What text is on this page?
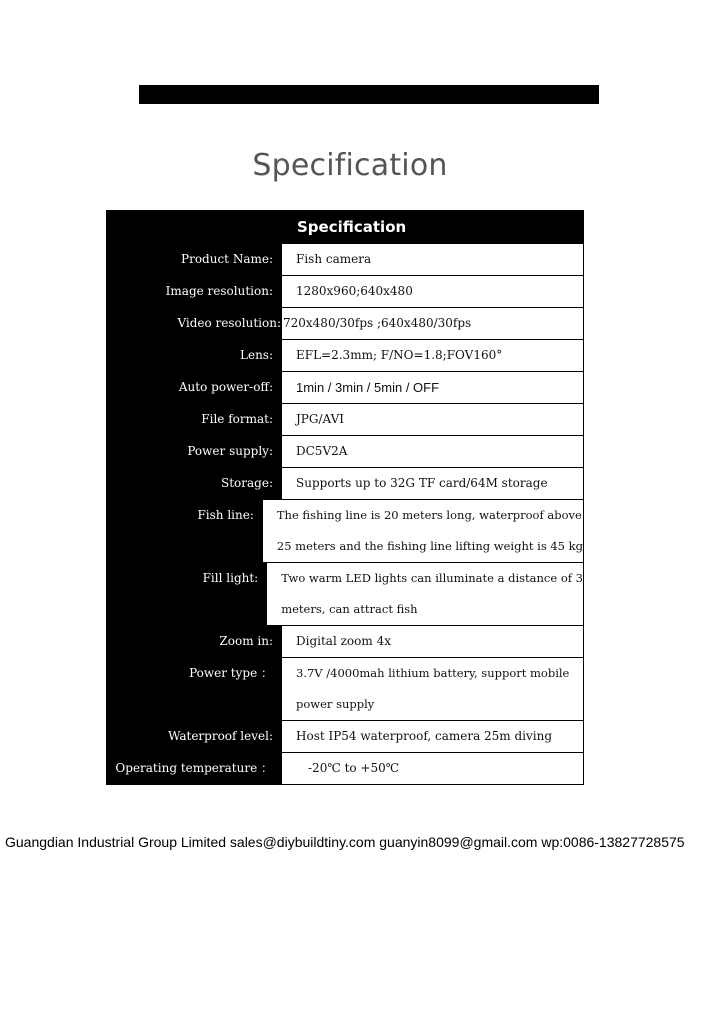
Specification
Specification
Product Name:	Fish camera
Image resolution:	1280x960;640x480
Video resolution: 720x480/30fps ;640x480/30fps
Lens:	EFL=2.3mm; F/NO=1.8;FOV160°
Auto power-off:	1min / 3min / 5min / OFF
File format:	JPG/AVI
Power supply:	DC5V2A
Storage:	Supports up to 32G TF card/64M storage
Fish line:	The fishing line is 20 meters long, waterproof above
25 meters and the fishing line lifting weight is 45 kg
Fill light:	Two warm LED lights can illuminate a distance of 3
meters, can attract fish
Zoom in:	Digital zoom 4x
Power type ：	3.7V /4000mah lithium battery, support mobile
power supply
Waterproof level:	Host IP54 waterproof, camera 25m diving
Operating temperature ：	-20℃ to +50℃
Guangdian Industrial Group Limited sales@diybuildtiny.com guanyin8099@gmail.com wp:0086-13827728575
